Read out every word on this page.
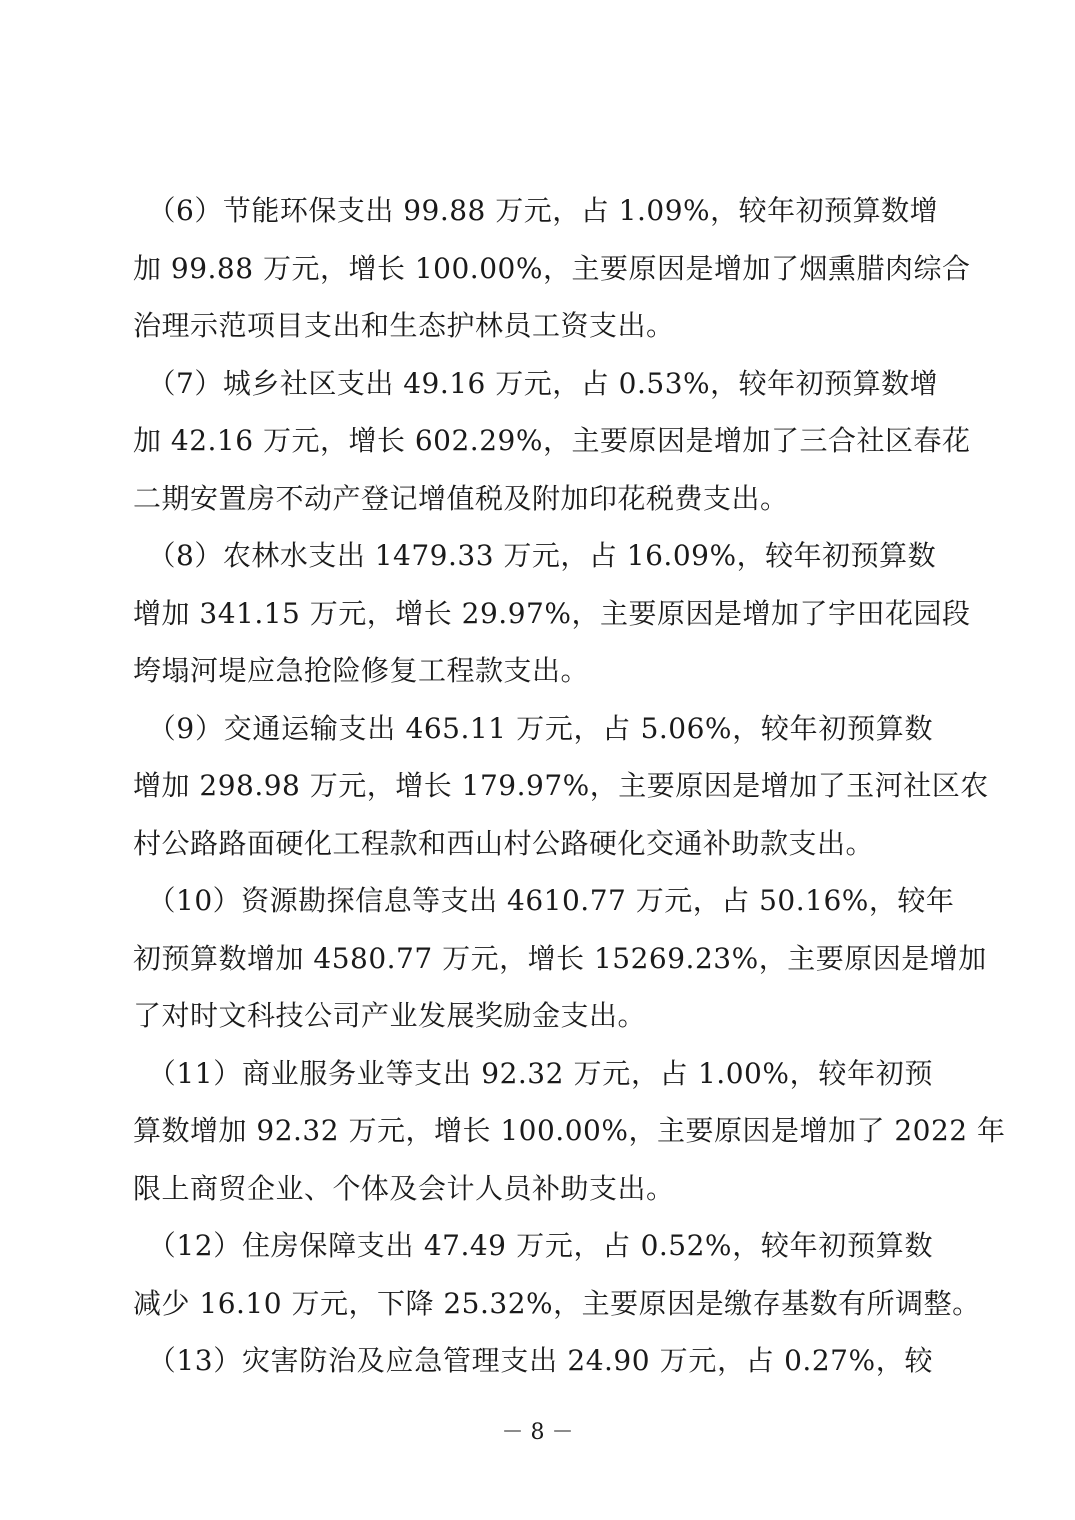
　（6）节能环保支出 99.88 万元，占 1.09%，较年初预算数增
加 99.88 万元，增长 100.00%，主要原因是增加了烟熏腊肉综合
治理示范项目支出和生态护林员工资支出。

　（7）城乡社区支出 49.16 万元，占 0.53%，较年初预算数增
加 42.16 万元，增长 602.29%，主要原因是增加了三合社区春花
二期安置房不动产登记增值税及附加印花税费支出。

　（8）农林水支出 1479.33 万元，占 16.09%，较年初预算数
增加 341.15 万元，增长 29.97%，主要原因是增加了宇田花园段
垮塌河堤应急抢险修复工程款支出。

　（9）交通运输支出 465.11 万元，占 5.06%，较年初预算数
增加 298.98 万元，增长 179.97%，主要原因是增加了玉河社区农
村公路路面硬化工程款和西山村公路硬化交通补助款支出。

　（10）资源勘探信息等支出 4610.77 万元，占 50.16%，较年
初预算数增加 4580.77 万元，增长 15269.23%，主要原因是增加
了对时文科技公司产业发展奖励金支出。

　（11）商业服务业等支出 92.32 万元，占 1.00%，较年初预
算数增加 92.32 万元，增长 100.00%，主要原因是增加了 2022 年
限上商贸企业、个体及会计人员补助支出。

　（12）住房保障支出 47.49 万元，占 0.52%，较年初预算数
减少 16.10 万元，下降 25.32%，主要原因是缴存基数有所调整。

　（13）灾害防治及应急管理支出 24.90 万元，占 0.27%，较

－ 8 －
